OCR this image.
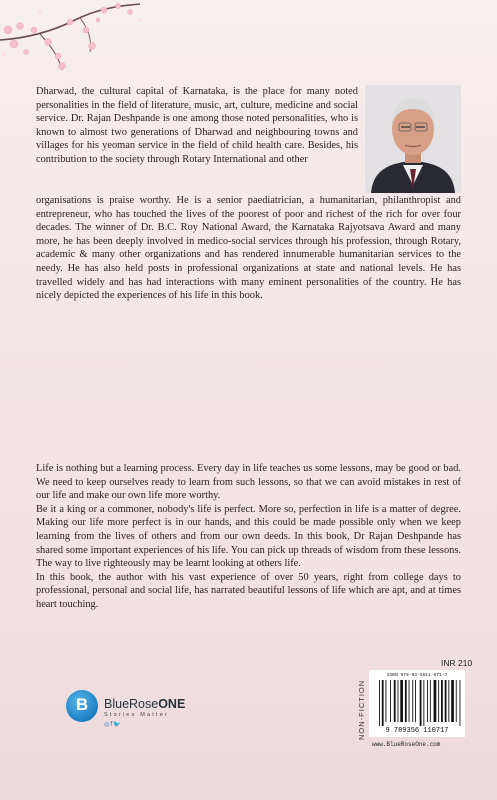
Dharwad, the cultural capital of Karnataka, is the place for many noted personalities in the field of literature, music, art, culture, medicine and social service. Dr. Rajan Deshpande is one among those noted personalities, who is known to almost two generations of Dharwad and neighbouring towns and villages for his yeoman service in the field of child health care. Besides, his contribution to the society through Rotary International and other

organisations is praise worthy. He is a senior paediatrician, a humanitarian, philanthropist and entrepreneur, who has touched the lives of the poorest of poor and richest of the rich for over four decades. The winner of Dr. B.C. Roy National Award, the Karnataka Rajyotsava Award and many more, he has been deeply involved in medico-social services through his profession, through Rotary, academic & many other organizations and has rendered innumerable humanitarian services to the needy. He has also held posts in professional organizations at state and national levels. He has travelled widely and has had interactions with many eminent personalities of the country. He has nicely depicted the experiences of his life in this book.

Life is nothing but a learning process. Every day in life teaches us some lessons, may be good or bad. We need to keep ourselves ready to learn from such lessons, so that we can avoid mistakes in rest of our life and make our own life more worthy.
Be it a king or a commoner, nobody's life is perfect. More so, perfection in life is a matter of degree. Making our life more perfect is in our hands, and this could be made possible only when we keep learning from the lives of others and from our own deeds. In this book, Dr Rajan Deshpande has shared some important experiences of his life. You can pick up threads of wisdom from these lessons. The way to live righteously may be learnt looking at others life.
In this book, the author with his vast experience of over 50 years, right from college days to professional, personal and social life, has narrated beautiful lessons of life which are apt, and at times heart touching.
B	BlueRoseONE
Stories Matter
◎f🐦
INR 210
NON-FICTION
ISBN 978-93-5611-071-7
9 789356 110717
www.BlueRoseOne.com
